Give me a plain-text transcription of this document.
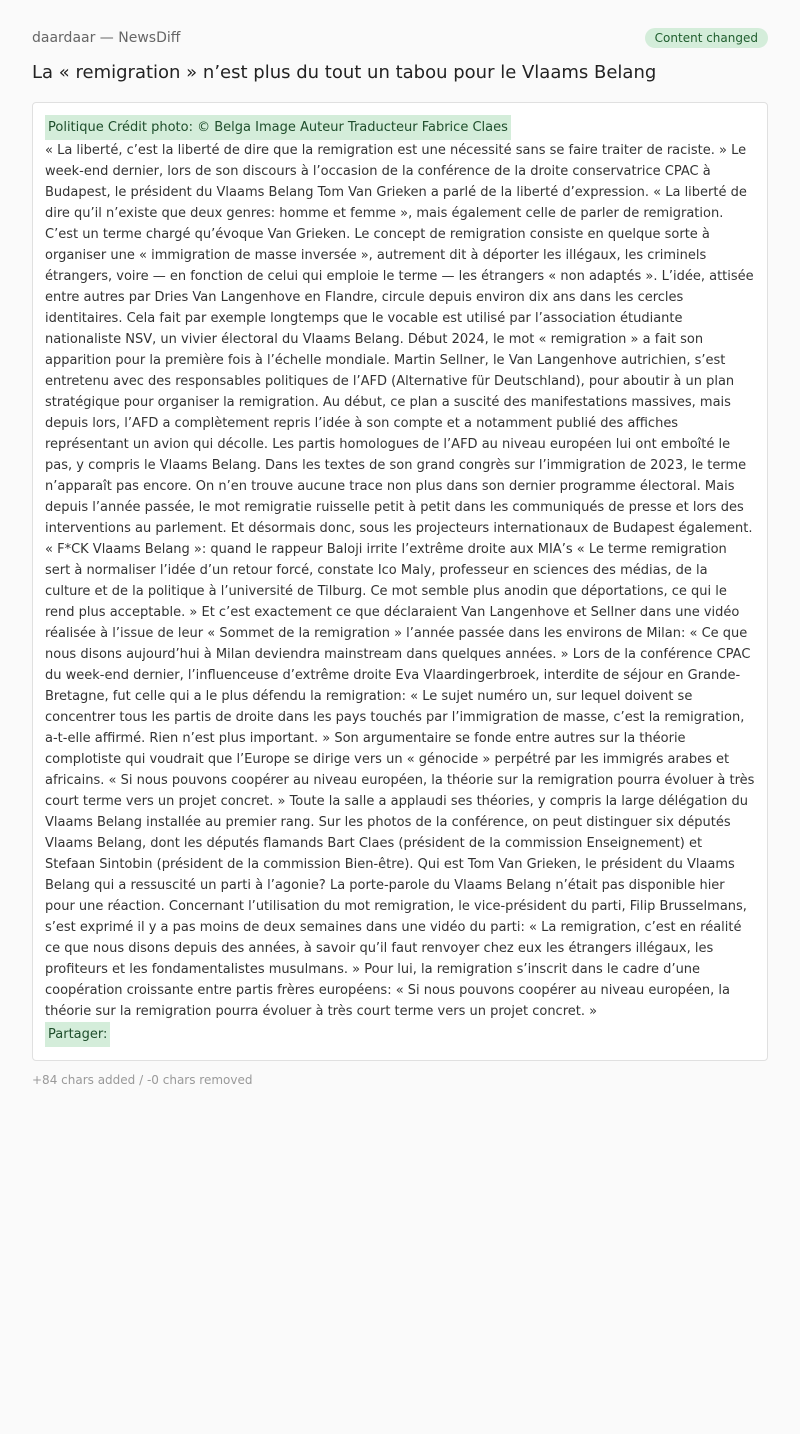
daardaar — NewsDiff	Content changed
La « remigration » n’est plus du tout un tabou pour le Vlaams Belang
Politique Crédit photo: © Belga Image Auteur Traducteur Fabrice Claes

« La liberté, c’est la liberté de dire que la remigration est une nécessité sans se faire traiter de raciste. » Le week-end dernier, lors de son discours à l’occasion de la conférence de la droite conservatrice CPAC à Budapest, le président du Vlaams Belang Tom Van Grieken a parlé de la liberté d’expression. « La liberté de dire qu’il n’existe que deux genres: homme et femme », mais également celle de parler de remigration. C’est un terme chargé qu’évoque Van Grieken. Le concept de remigration consiste en quelque sorte à organiser une « immigration de masse inversée », autrement dit à déporter les illégaux, les criminels étrangers, voire — en fonction de celui qui emploie le terme — les étrangers « non adaptés ». L’idée, attisée entre autres par Dries Van Langenhove en Flandre, circule depuis environ dix ans dans les cercles identitaires. Cela fait par exemple longtemps que le vocable est utilisé par l’association étudiante nationaliste NSV, un vivier électoral du Vlaams Belang. Début 2024, le mot « remigration » a fait son apparition pour la première fois à l’échelle mondiale. Martin Sellner, le Van Langenhove autrichien, s’est entretenu avec des responsables politiques de l’AFD (Alternative für Deutschland), pour aboutir à un plan stratégique pour organiser la remigration. Au début, ce plan a suscité des manifestations massives, mais depuis lors, l’AFD a complètement repris l’idée à son compte et a notamment publié des affiches représentant un avion qui décolle. Les partis homologues de l’AFD au niveau européen lui ont emboîté le pas, y compris le Vlaams Belang. Dans les textes de son grand congrès sur l’immigration de 2023, le terme n’apparaît pas encore. On n’en trouve aucune trace non plus dans son dernier programme électoral. Mais depuis l’année passée, le mot remigratie ruisselle petit à petit dans les communiqués de presse et lors des interventions au parlement. Et désormais donc, sous les projecteurs internationaux de Budapest également. « F*CK Vlaams Belang »: quand le rappeur Baloji irrite l’extrême droite aux MIA’s « Le terme remigration sert à normaliser l’idée d’un retour forcé, constate Ico Maly, professeur en sciences des médias, de la culture et de la politique à l’université de Tilburg. Ce mot semble plus anodin que déportations, ce qui le rend plus acceptable. » Et c’est exactement ce que déclaraient Van Langenhove et Sellner dans une vidéo réalisée à l’issue de leur « Sommet de la remigration » l’année passée dans les environs de Milan: « Ce que nous disons aujourd’hui à Milan deviendra mainstream dans quelques années. » Lors de la conférence CPAC du week-end dernier, l’influenceuse d’extrême droite Eva Vlaardingerbroek, interdite de séjour en Grande-Bretagne, fut celle qui a le plus défendu la remigration: « Le sujet numéro un, sur lequel doivent se concentrer tous les partis de droite dans les pays touchés par l’immigration de masse, c’est la remigration, a-t-elle affirmé. Rien n’est plus important. » Son argumentaire se fonde entre autres sur la théorie complotiste qui voudrait que l’Europe se dirige vers un « génocide » perpétré par les immigrés arabes et africains. « Si nous pouvons coopérer au niveau européen, la théorie sur la remigration pourra évoluer à très court terme vers un projet concret. » Toute la salle a applaudi ses théories, y compris la large délégation du Vlaams Belang installée au premier rang. Sur les photos de la conférence, on peut distinguer six députés Vlaams Belang, dont les députés flamands Bart Claes (président de la commission Enseignement) et Stefaan Sintobin (président de la commission Bien-être). Qui est Tom Van Grieken, le président du Vlaams Belang qui a ressuscité un parti à l’agonie? La porte-parole du Vlaams Belang n’était pas disponible hier pour une réaction. Concernant l’utilisation du mot remigration, le vice-président du parti, Filip Brusselmans, s’est exprimé il y a pas moins de deux semaines dans une vidéo du parti: « La remigration, c’est en réalité ce que nous disons depuis des années, à savoir qu’il faut renvoyer chez eux les étrangers illégaux, les profiteurs et les fondamentalistes musulmans. » Pour lui, la remigration s’inscrit dans le cadre d’une coopération croissante entre partis frères européens: « Si nous pouvons coopérer au niveau européen, la théorie sur la remigration pourra évoluer à très court terme vers un projet concret. »

Partager:
+84 chars added / -0 chars removed
